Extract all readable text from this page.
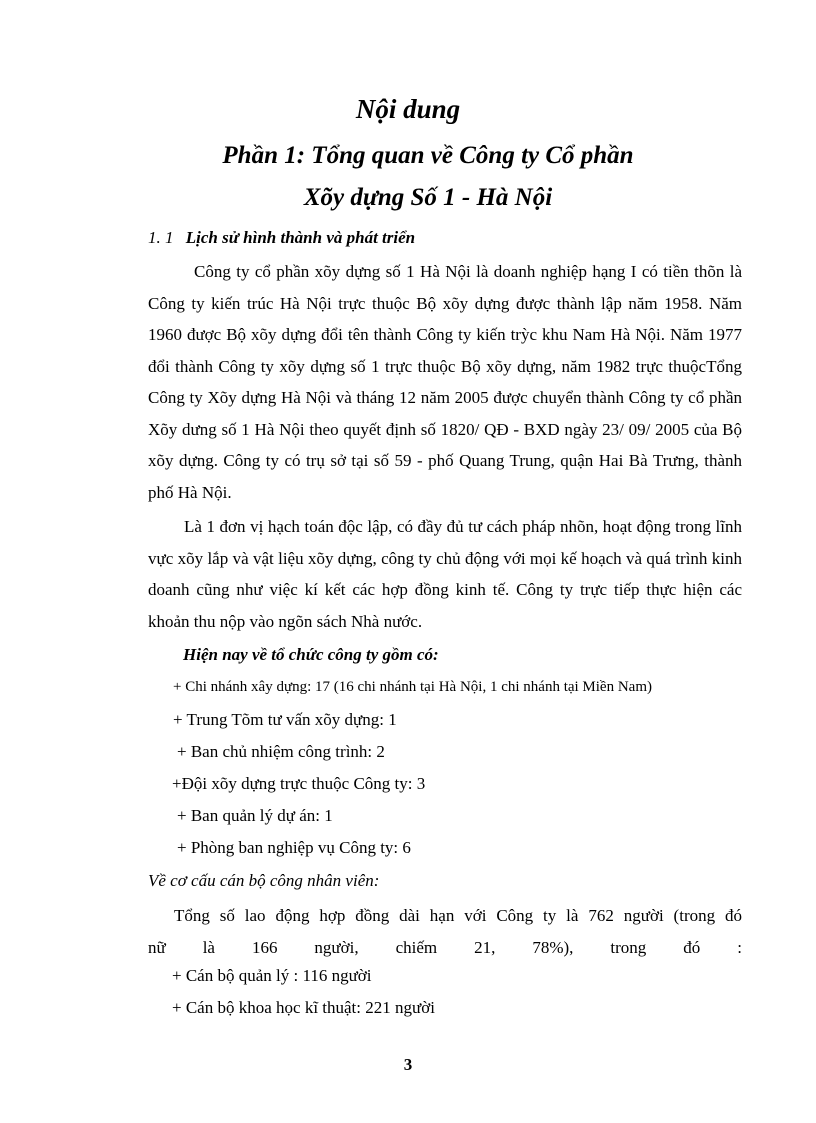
Nội dung
Phần 1: Tổng quan về Công ty Cổ phần
Xõy dựng Số 1 - Hà Nội
1. 1 Lịch sử hình thành và phát triển

Công ty cổ phần xõy dựng số 1 Hà Nội là doanh nghiệp hạng I có tiền thõn là Công ty kiến trúc Hà Nội trực thuộc Bộ xõy dựng được thành lập năm 1958. Năm 1960 được Bộ xõy dựng đổi tên thành Công ty kiến trỳc khu Nam Hà Nội. Năm 1977 đổi thành Công ty xõy dựng số 1 trực thuộc Bộ xõy dựng, năm 1982 trực thuộcTổng Công ty Xõy dựng Hà Nội và tháng 12 năm 2005 được chuyển thành Công ty cổ phần Xõy dưng số 1 Hà Nội theo quyết định số 1820/ QĐ - BXD ngày 23/ 09/ 2005 của Bộ xõy dựng. Công ty có trụ sở tại số 59 - phố Quang Trung, quận Hai Bà Trưng, thành phố Hà Nội.

Là 1 đơn vị hạch toán độc lập, có đầy đủ tư cách pháp nhõn, hoạt động trong lĩnh vực xõy lắp và vật liệu xõy dựng, công ty chủ động với mọi kế hoạch và quá trình kinh doanh cũng như việc kí kết các hợp đồng kinh tế. Công ty trực tiếp thực hiện các khoản thu nộp vào ngõn sách Nhà nước.

Hiện nay về tổ chức công ty gồm có:
+ Chi nhánh xây dựng: 17 (16 chi nhánh tại Hà Nội, 1 chi nhánh tại Miền Nam)
+ Trung Tõm tư vấn xõy dựng: 1
+ Ban chủ nhiệm công trình: 2
+Đội xõy dựng trực thuộc Công ty: 3
+ Ban quản lý dự án: 1
+ Phòng ban nghiệp vụ Công ty: 6
Về cơ cấu cán bộ công nhân viên:

Tổng số lao động hợp đồng dài hạn với Công ty là 762 người (trong đó
nữ là 166 người, chiếm 21, 78%), trong đó :

+ Cán bộ quản lý : 116 người
+ Cán bộ khoa học kĩ thuật: 221 người
3
